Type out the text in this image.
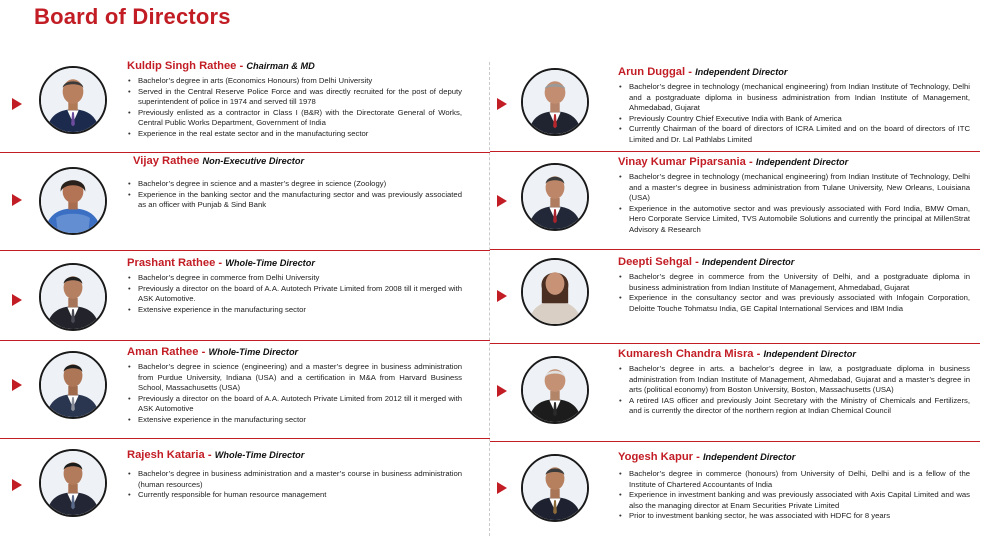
Board of Directors

Kuldip Singh Rathee - Chairman & MD

• Bachelor’s degree in arts (Economics Honours) from Delhi University
• Served in the Central Reserve Police Force and was directly recruited for the post of deputy superintendent of police in 1974 and served till 1978
• Previously enlisted as a contractor in Class I (B&R) with the Directorate General of Works, Central Public Works Department, Government of India
• Experience in the real estate sector and in the manufacturing sector

Vijay Rathee Non-Executive Director

• Bachelor’s degree in science and a master’s degree in science (Zoology)
• Experience in the banking sector and the manufacturing sector and was previously associated as an officer with Punjab & Sind Bank

Prashant Rathee - Whole-Time Director

• Bachelor’s degree in commerce from Delhi University
• Previously a director on the board of A.A. Autotech Private Limited from 2008 till it merged with ASK Automotive.
• Extensive experience in the manufacturing sector

Aman Rathee - Whole-Time Director

• Bachelor’s degree in science (engineering) and a master’s degree in business administration from Purdue University, Indiana (USA) and a certification in M&A from Harvard Business School, Massachusetts (USA)
• Previously a director on the board of A.A. Autotech Private Limited from 2012 till it merged with ASK Automotive
• Extensive experience in the manufacturing sector

Rajesh Kataria - Whole-Time Director

• Bachelor’s degree in business administration and a master’s course in business administration (human resources)
• Currently responsible for human resource management

Arun Duggal - Independent Director

• Bachelor’s degree in technology (mechanical engineering) from Indian Institute of Technology, Delhi and a postgraduate diploma in business administration from Indian Institute of Management, Ahmedabad, Gujarat
• Previously Country Chief Executive India with Bank of America
• Currently Chairman of the board of directors of ICRA Limited and on the board of directors of ITC Limited and Dr. Lal Pathlabs Limited

Vinay Kumar Piparsania - Independent Director

• Bachelor’s degree in technology (mechanical engineering) from Indian Institute of Technology, Delhi and a master’s degree in business administration from Tulane University, New Orleans, Louisiana (USA)
• Experience in the automotive sector and was previously associated with Ford India, BMW Oman, Hero Corporate Service Limited, TVS Automobile Solutions and currently the principal at MillenStrat Advisory & Research

Deepti Sehgal - Independent Director

• Bachelor’s degree in commerce from the University of Delhi, and a postgraduate diploma in business administration from Indian Institute of Management, Ahmedabad, Gujarat
• Experience in the consultancy sector and was previously associated with Infogain Corporation, Deloitte Touche Tohmatsu India, GE Capital International Services and IBM India

Kumaresh Chandra Misra - Independent Director

• Bachelor’s degree in arts. a bachelor’s degree in law, a postgraduate diploma in business administration from Indian Institute of Management, Ahmedabad, Gujarat and a master’s degree in arts (political economy) from Boston University, Boston, Massachusetts (USA)
• A retired IAS officer and previously Joint Secretary with the Ministry of Chemicals and Fertilizers, and is currently the director of the northern region at Indian Chemical Council

Yogesh Kapur - Independent Director

• Bachelor’s degree in commerce (honours) from University of Delhi, Delhi and is a fellow of the Institute of Chartered Accountants of India
• Experience in investment banking and was previously associated with Axis Capital Limited and was also the managing director at Enam Securities Private Limited
• Prior to investment banking sector, he was associated with HDFC for 8 years
